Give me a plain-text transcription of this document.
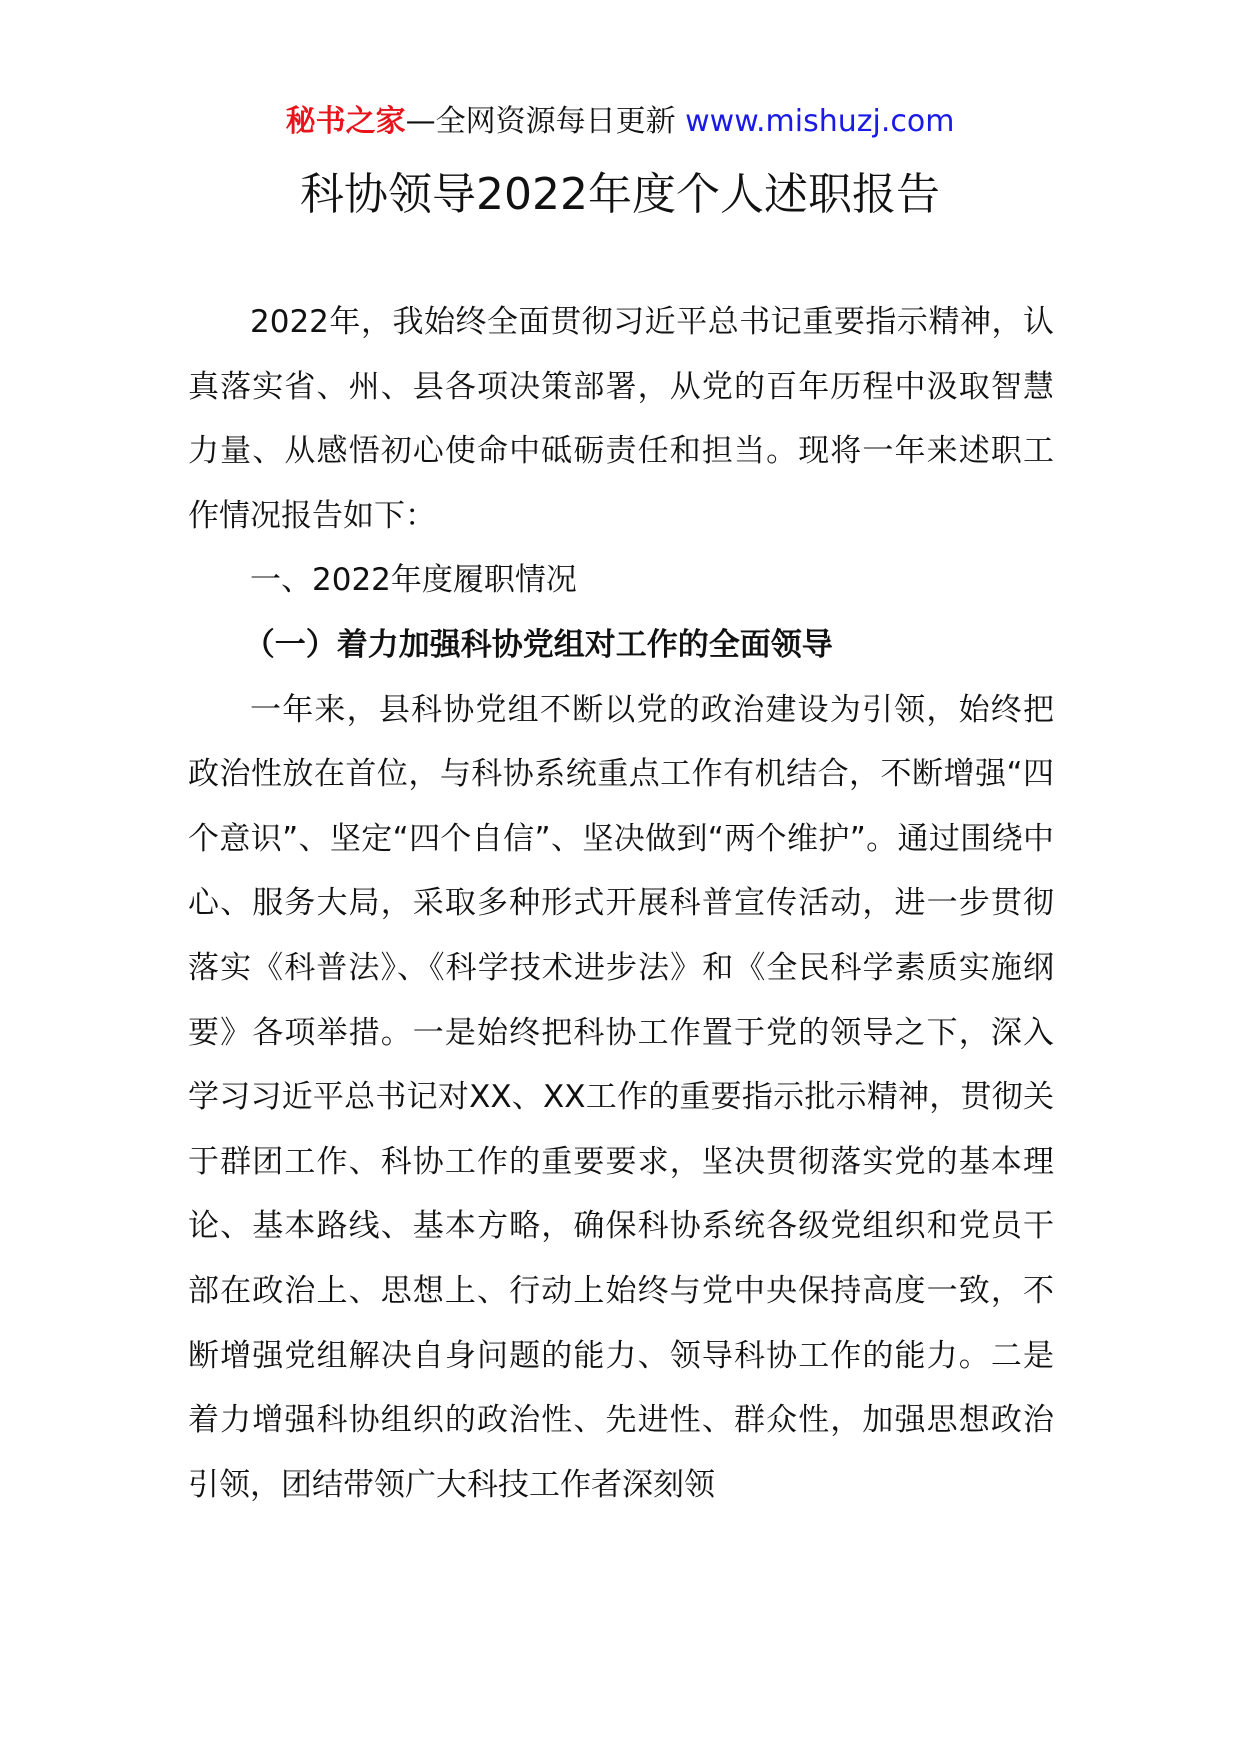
秘书之家—全网资源每日更新 www.mishuzj.com
科协领导2022年度个人述职报告

2022年，我始终全面贯彻习近平总书记重要指示精神，认真落实省、州、县各项决策部署，从党的百年历程中汲取智慧力量、从感悟初心使命中砥砺责任和担当。现将一年来述职工作情况报告如下：

一、2022年度履职情况

（一）着力加强科协党组对工作的全面领导

一年来，县科协党组不断以党的政治建设为引领，始终把政治性放在首位，与科协系统重点工作有机结合，不断增强“四个意识”、坚定“四个自信”、坚决做到“两个维护”。通过围绕中心、服务大局，采取多种形式开展科普宣传活动，进一步贯彻落实《科普法》、《科学技术进步法》和《全民科学素质实施纲要》各项举措。一是始终把科协工作置于党的领导之下，深入学习习近平总书记对XX、XX工作的重要指示批示精神，贯彻关于群团工作、科协工作的重要要求，坚决贯彻落实党的基本理论、基本路线、基本方略，确保科协系统各级党组织和党员干部在政治上、思想上、行动上始终与党中央保持高度一致，不断增强党组解决自身问题的能力、领导科协工作的能力。二是着力增强科协组织的政治性、先进性、群众性，加强思想政治引领，团结带领广大科技工作者深刻领
